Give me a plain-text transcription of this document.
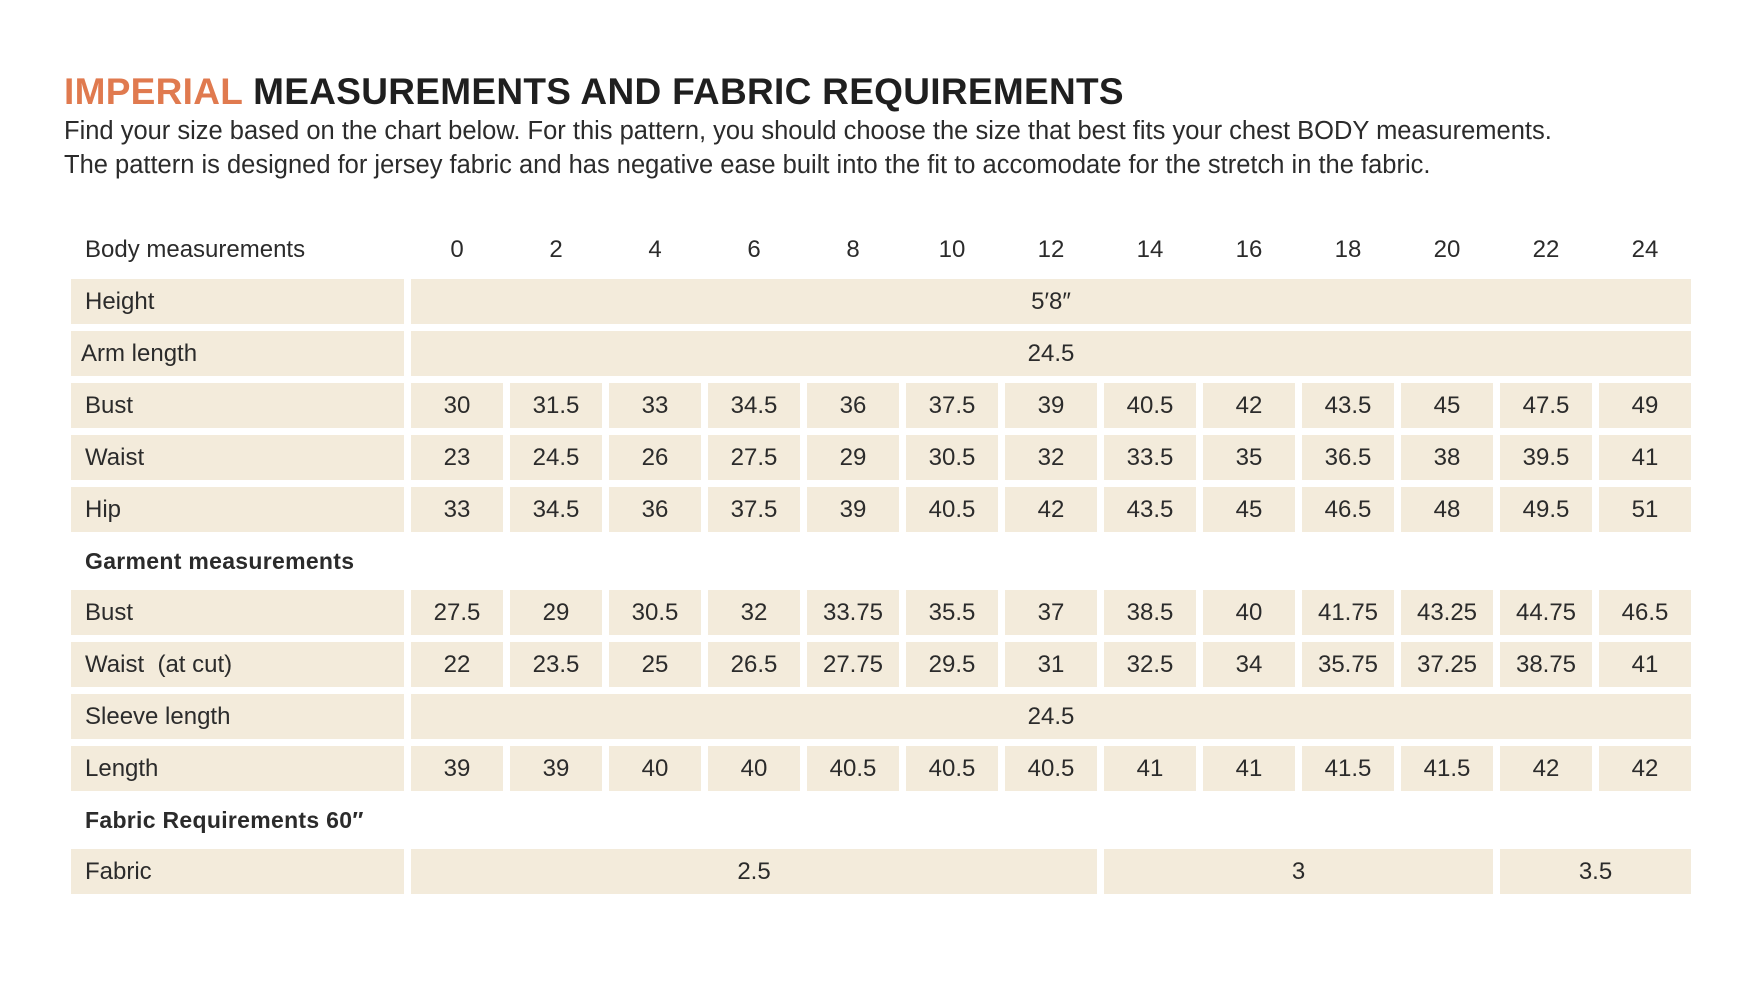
IMPERIAL MEASUREMENTS AND FABRIC REQUIREMENTS

Find your size based on the chart below. For this pattern, you should choose the size that best fits your chest BODY measurements.

The pattern is designed for jersey fabric and has negative ease built into the fit to accomodate for the stretch in the fabric.

Body measurements	0	2	4	6	8	10	12	14	16	18	20	22	24
Height	5′8″												
Arm length	24.5												
Bust	30	31.5	33	34.5	36	37.5	39	40.5	42	43.5	45	47.5	49
Waist	23	24.5	26	27.5	29	30.5	32	33.5	35	36.5	38	39.5	41
Hip	33	34.5	36	37.5	39	40.5	42	43.5	45	46.5	48	49.5	51
Garment measurements													
Bust	27.5	29	30.5	32	33.75	35.5	37	38.5	40	41.75	43.25	44.75	46.5
Waist  (at cut)	22	23.5	25	26.5	27.75	29.5	31	32.5	34	35.75	37.25	38.75	41
Sleeve length	24.5												
Length	39	39	40	40	40.5	40.5	40.5	41	41	41.5	41.5	42	42
Fabric Requirements 60″													
Fabric	2.5							3				3.5	
